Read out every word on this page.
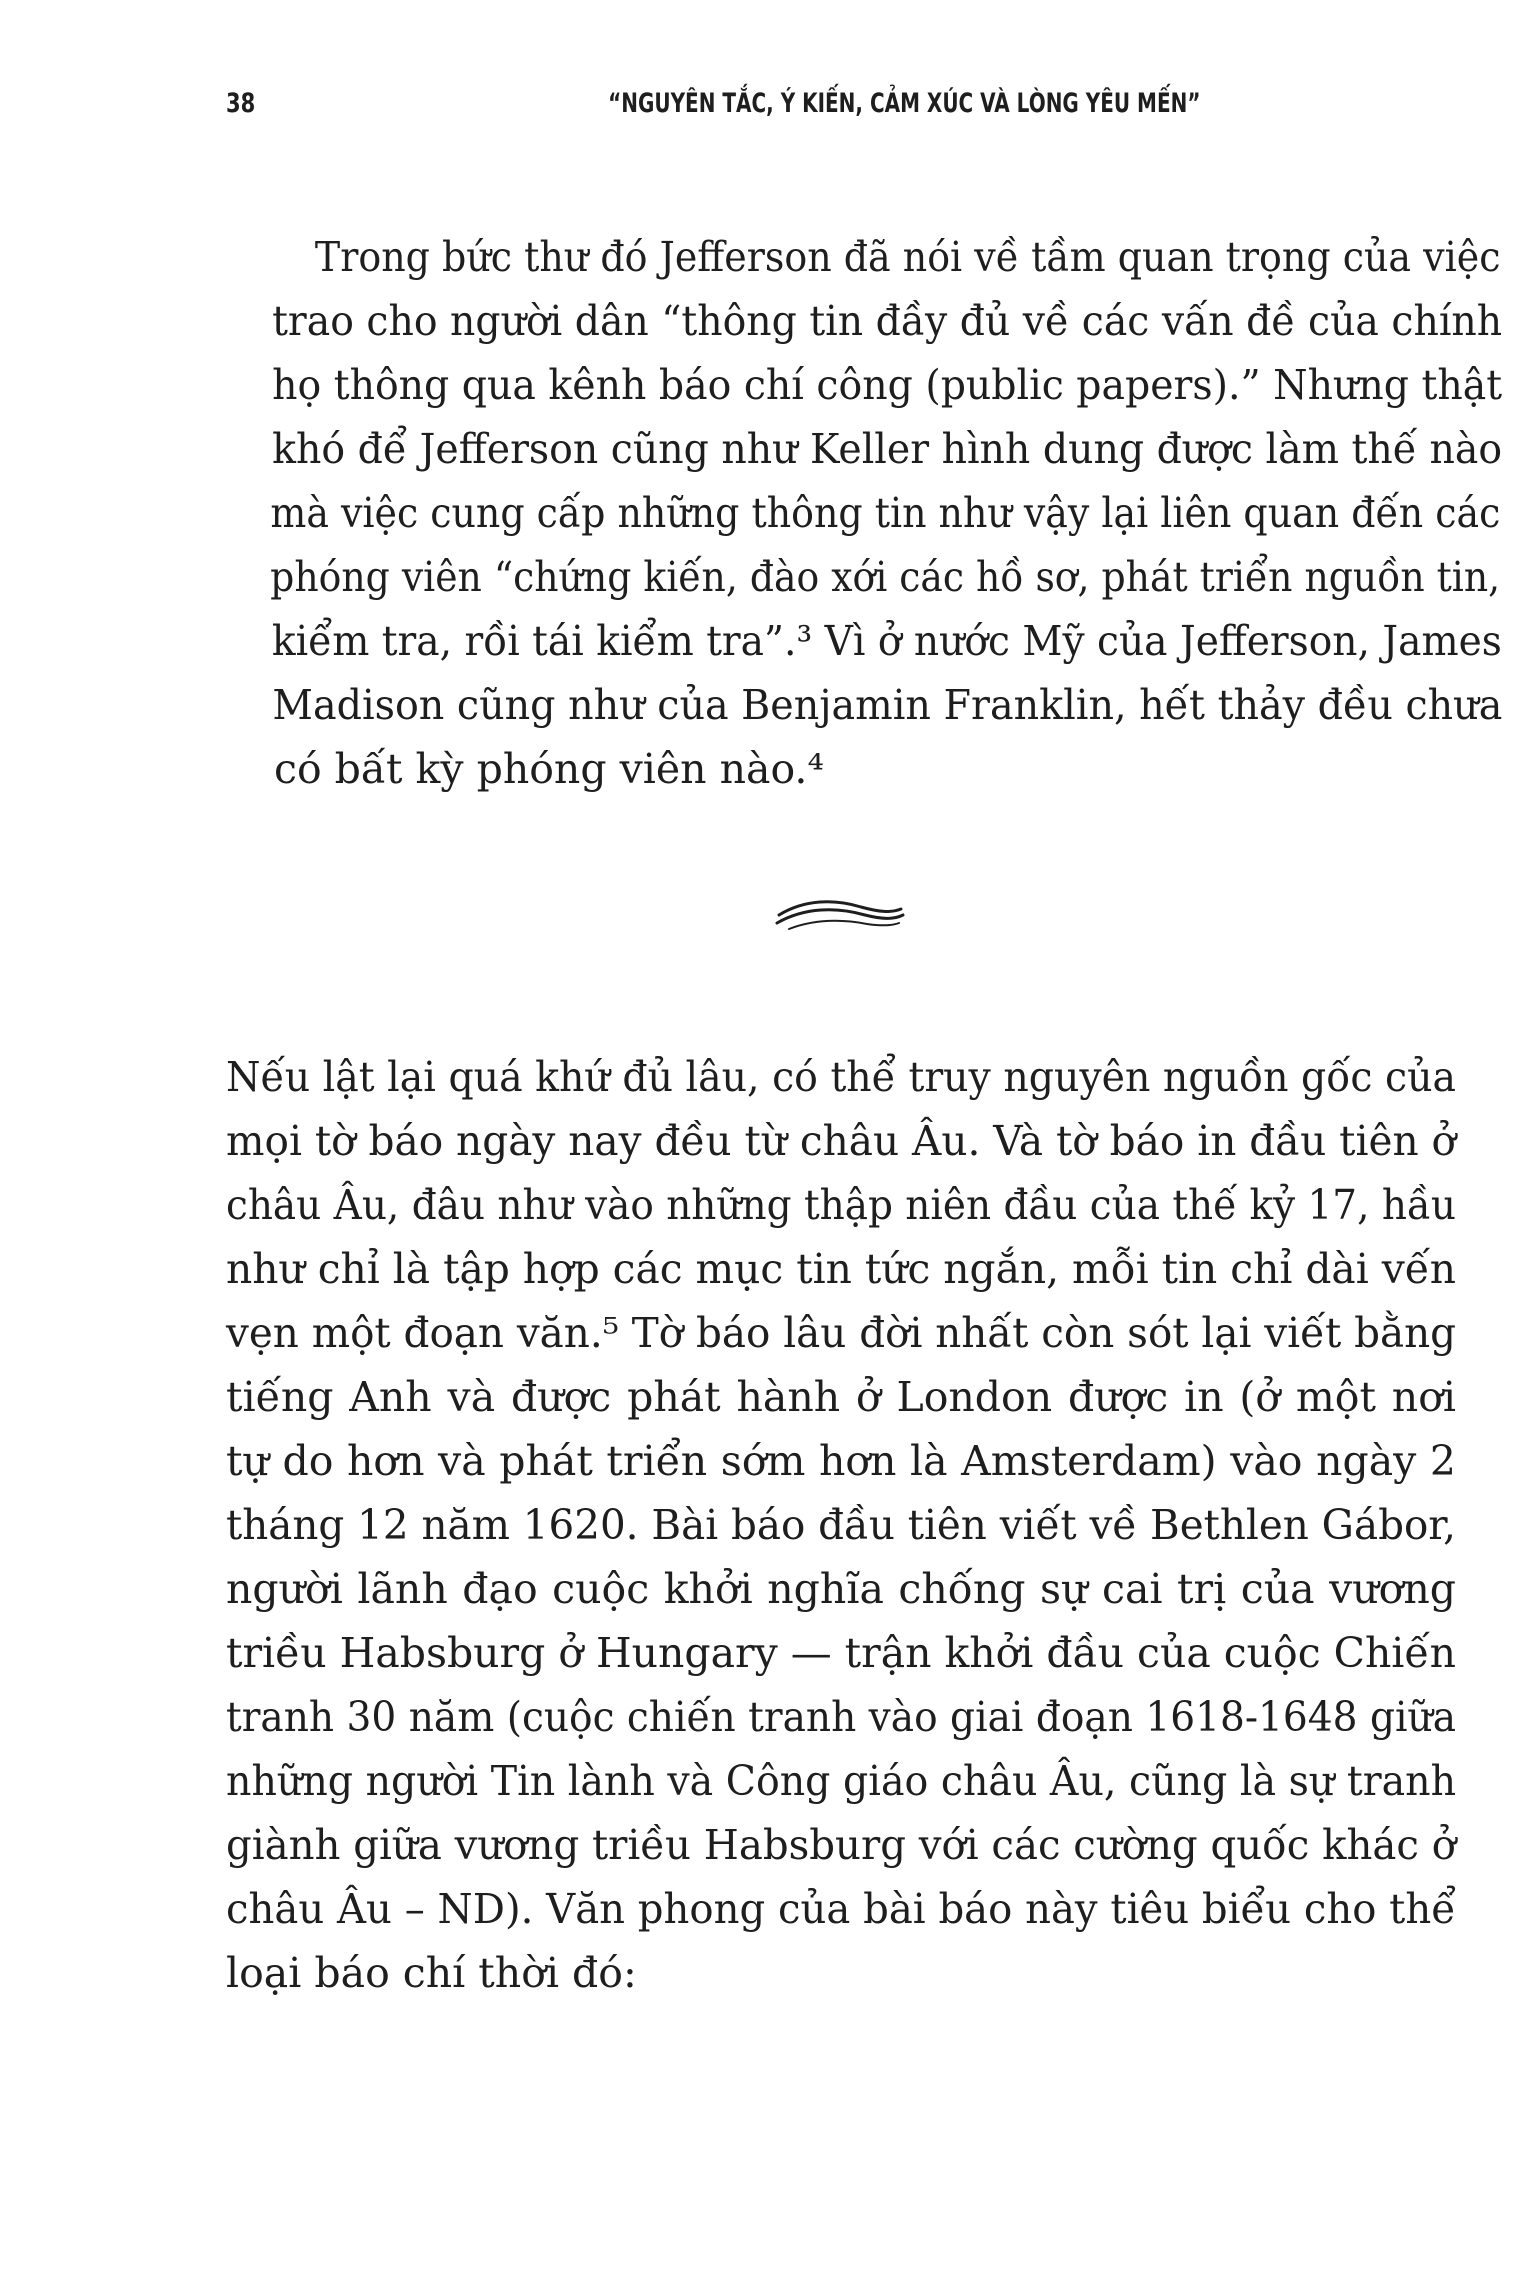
38	“NGUYÊN TẮC, Ý KIẾN, CẢM XÚC VÀ LÒNG YÊU MẾN”
Trong bức thư đó Jefferson đã nói về tầm quan trọng của việc
trao cho người dân “thông tin đầy đủ về các vấn đề của chính
họ thông qua kênh báo chí công (public papers).” Nhưng thật
khó để Jefferson cũng như Keller hình dung được làm thế nào
mà việc cung cấp những thông tin như vậy lại liên quan đến các
phóng viên “chứng kiến, đào xới các hồ sơ, phát triển nguồn tin,
kiểm tra, rồi tái kiểm tra”.³ Vì ở nước Mỹ của Jefferson, James
Madison cũng như của Benjamin Franklin, hết thảy đều chưa
có bất kỳ phóng viên nào.⁴
Nếu lật lại quá khứ đủ lâu, có thể truy nguyên nguồn gốc của
mọi tờ báo ngày nay đều từ châu Âu. Và tờ báo in đầu tiên ở
châu Âu, đâu như vào những thập niên đầu của thế kỷ 17, hầu
như chỉ là tập hợp các mục tin tức ngắn, mỗi tin chỉ dài vến
vẹn một đoạn văn.⁵ Tờ báo lâu đời nhất còn sót lại viết bằng
tiếng Anh và được phát hành ở London được in (ở một nơi
tự do hơn và phát triển sớm hơn là Amsterdam) vào ngày 2
tháng 12 năm 1620. Bài báo đầu tiên viết về Bethlen Gábor,
người lãnh đạo cuộc khởi nghĩa chống sự cai trị của vương
triều Habsburg ở Hungary — trận khởi đầu của cuộc Chiến
tranh 30 năm (cuộc chiến tranh vào giai đoạn 1618-1648 giữa
những người Tin lành và Công giáo châu Âu, cũng là sự tranh
giành giữa vương triều Habsburg với các cường quốc khác ở
châu Âu – ND). Văn phong của bài báo này tiêu biểu cho thể
loại báo chí thời đó:
